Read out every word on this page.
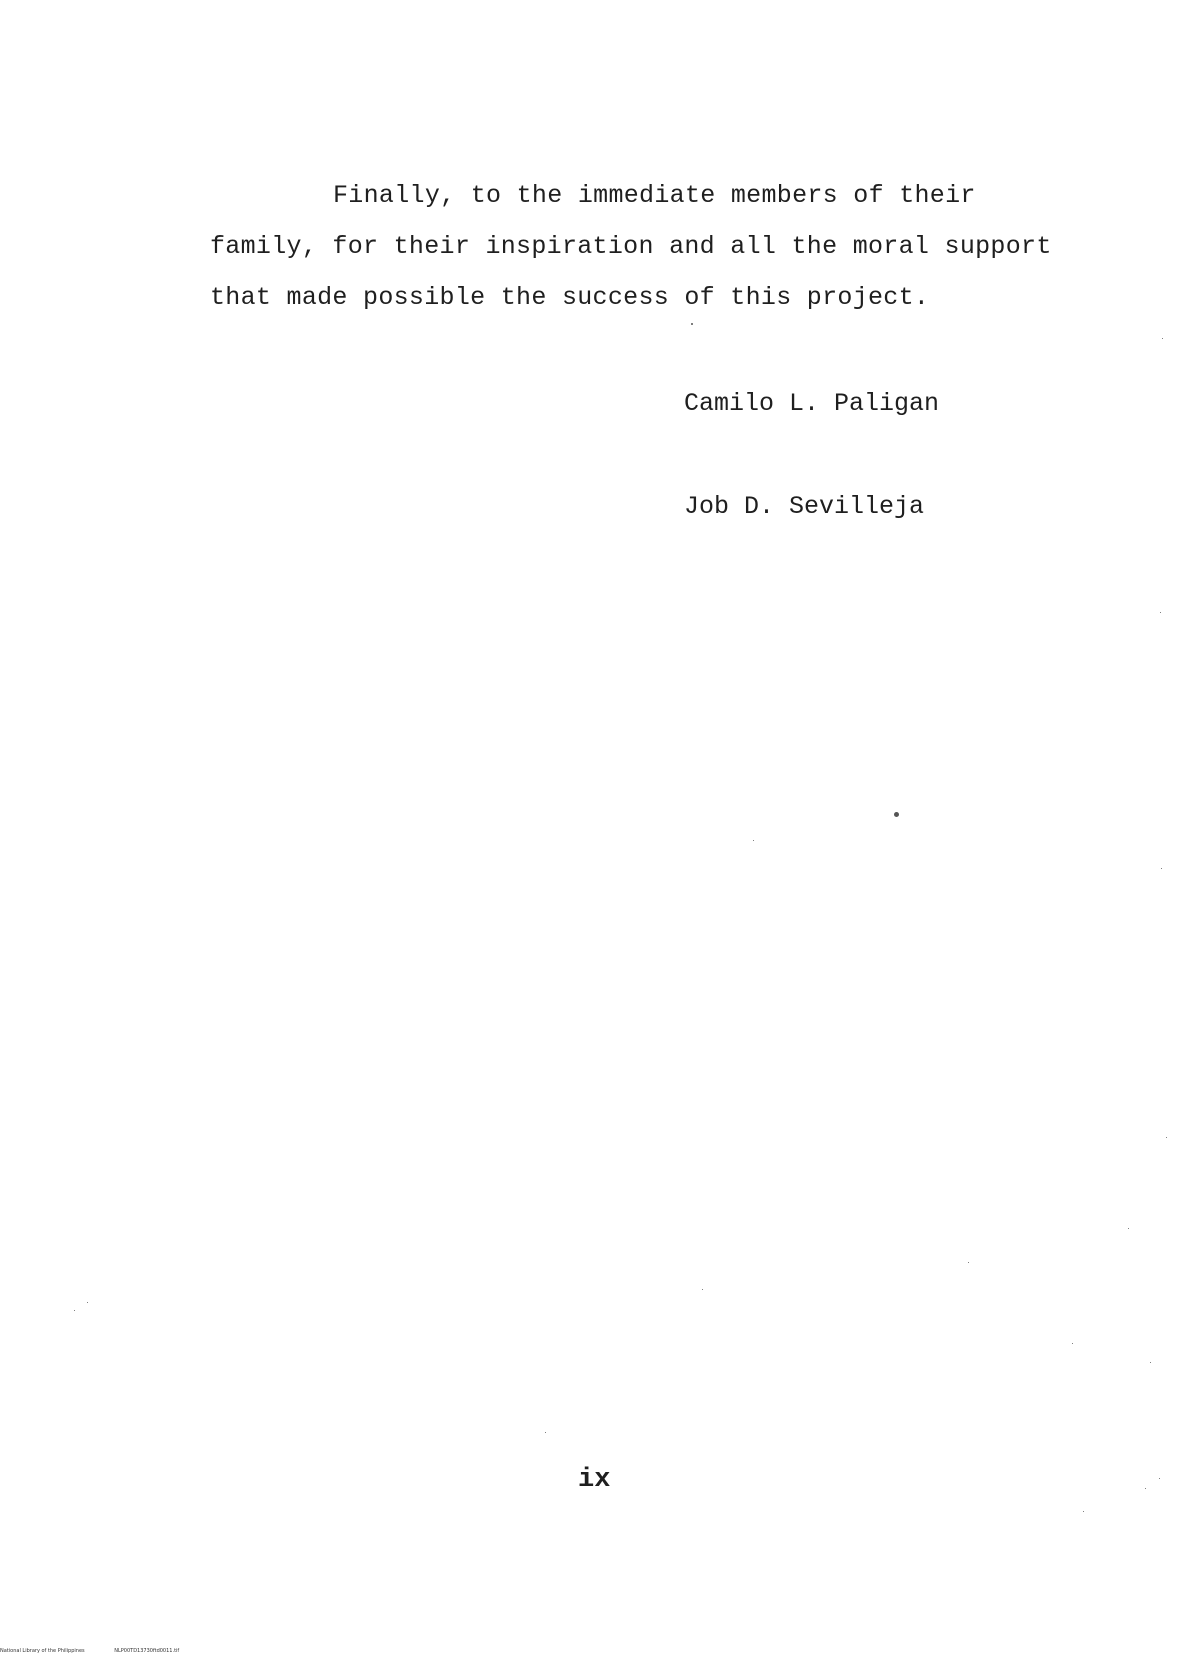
Finally, to the immediate members of their
family, for their inspiration and all the moral support
that made possible the success of this project.
Camilo L. Paligan
Job D. Sevilleja
ix
National Library of the Philippines	NLP00TD13730ftd0011.tif
